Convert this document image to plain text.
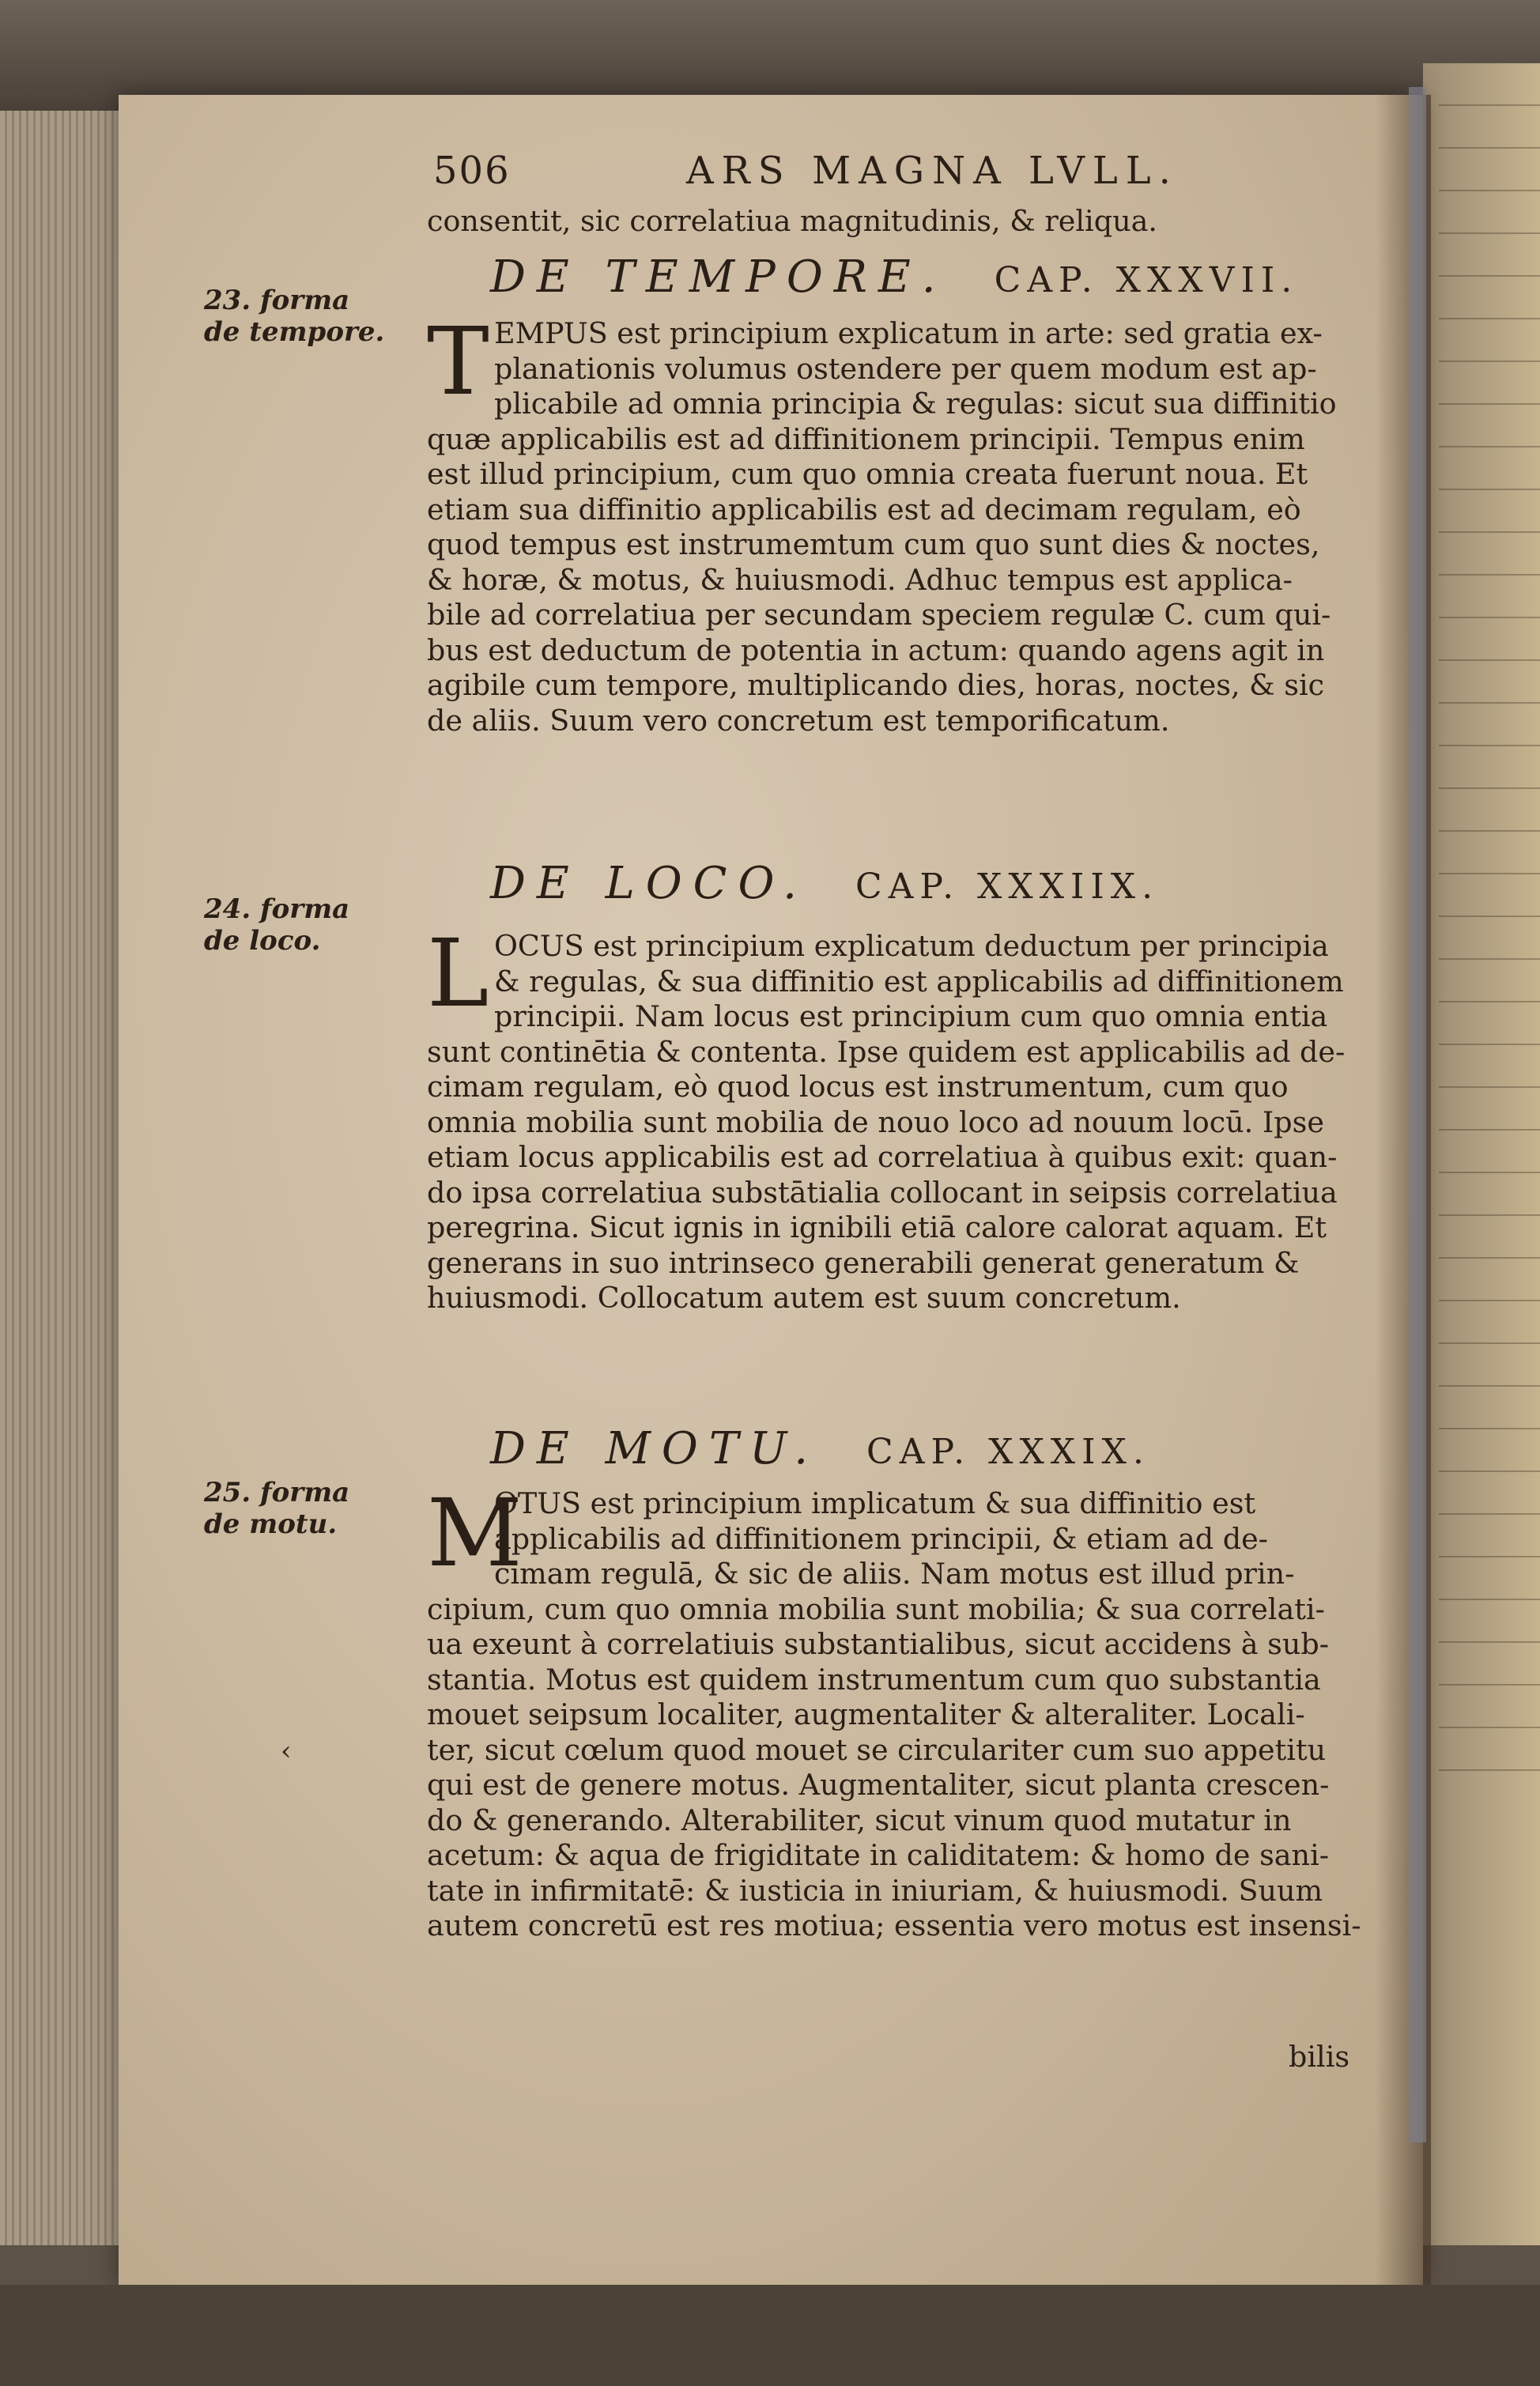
506	ARS MAGNA LVLL.
consentit, sic correlatiua magnitudinis, & reliqua.
DE TEMPORE. CAP. XXXVII.
23. forma de tempore. T EMPUS est principium explicatum in arte: sed gratia ex-
planationis volumus ostendere per quem modum est ap-
plicabile ad omnia principia & regulas: sicut sua diffinitio
quæ applicabilis est ad diffinitionem principii. Tempus enim
est illud principium, cum quo omnia creata fuerunt noua. Et
etiam sua diffinitio applicabilis est ad decimam regulam, eò
quod tempus est instrumemtum cum quo sunt dies & noctes,
& horæ, & motus, & huiusmodi. Adhuc tempus est applica-
bile ad correlatiua per secundam speciem regulæ C. cum qui-
bus est deductum de potentia in actum: quando agens agit in
agibile cum tempore, multiplicando dies, horas, noctes, & sic
de aliis. Suum vero concretum est temporificatum.
DE LOCO. CAP. XXXIIX.
24. forma de loco.	L OCUS est principium explicatum deductum per principia
& regulas, & sua diffinitio est applicabilis ad diffinitionem
principii. Nam locus est principium cum quo omnia entia
sunt continētia & contenta. Ipse quidem est applicabilis ad de-
cimam regulam, eò quod locus est instrumentum, cum quo
omnia mobilia sunt mobilia de nouo loco ad nouum locū. Ipse
etiam locus applicabilis est ad correlatiua à quibus exit: quan-
do ipsa correlatiua substātialia collocant in seipsis correlatiua
peregrina. Sicut ignis in ignibili etiā calore calorat aquam. Et
generans in suo intrinseco generabili generat generatum &
huiusmodi. Collocatum autem est suum concretum.
DE MOTU. CAP. XXXIX.
25. forma de motu. M
OTUS est principium implicatum & sua diffinitio est
applicabilis ad diffinitionem principii, & etiam ad de-
cimam regulā, & sic de aliis. Nam motus est illud prin-
cipium, cum quo omnia mobilia sunt mobilia; & sua correlati-
ua exeunt à correlatiuis substantialibus, sicut accidens à sub-
stantia. Motus est quidem instrumentum cum quo substantia
mouet seipsum localiter, augmentaliter & alteraliter. Locali-
ter, sicut cœlum quod mouet se circulariter cum suo appetitu
qui est de genere motus. Augmentaliter, sicut planta crescen-
do & generando. Alterabiliter, sicut vinum quod mutatur in
acetum: & aqua de frigiditate in caliditatem: & homo de sani-
tate in infirmitatē: & iusticia in iniuriam, & huiusmodi. Suum
autem concretū est res motiua; essentia vero motus est insensi-
‹
bilis
